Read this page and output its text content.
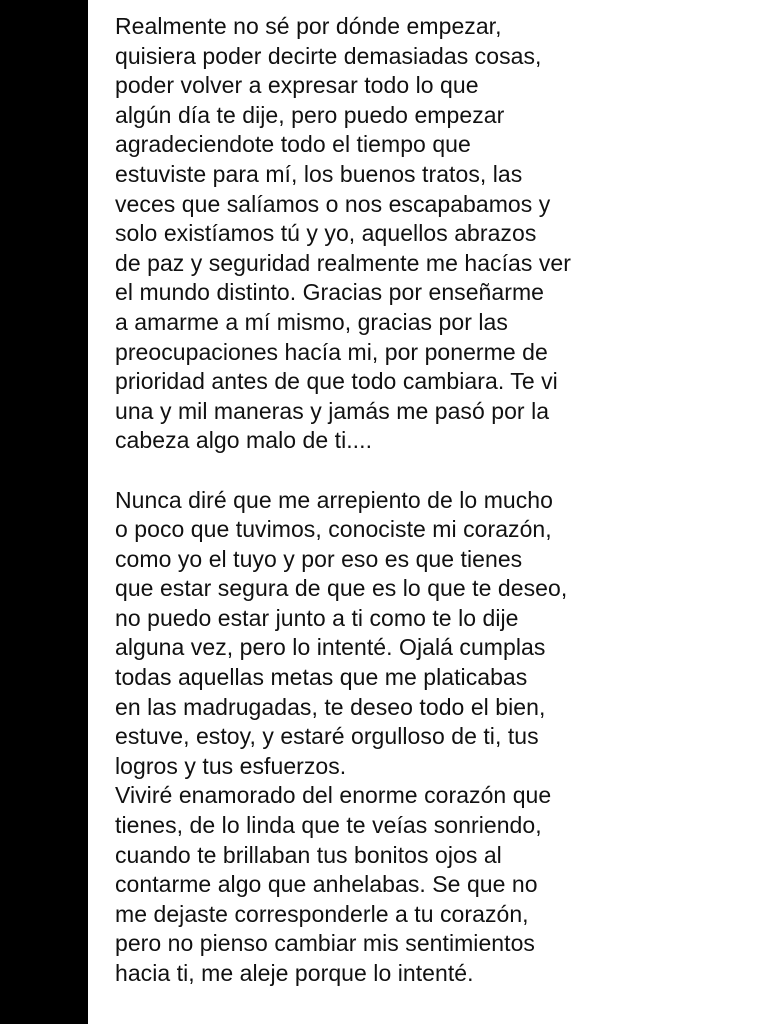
Realmente no sé por dónde empezar,
quisiera poder decirte demasiadas cosas,
poder volver a expresar todo lo que
algún día te dije, pero puedo empezar
agradeciendote todo el tiempo que
estuviste para mí, los buenos tratos, las
veces que salíamos o nos escapabamos y
solo existíamos tú y yo, aquellos abrazos
de paz y seguridad realmente me hacías ver
el mundo distinto. Gracias por enseñarme
a amarme a mí mismo, gracias por las
preocupaciones hacía mi, por ponerme de
prioridad antes de que todo cambiara. Te vi
una y mil maneras y jamás me pasó por la
cabeza algo malo de ti....
Nunca diré que me arrepiento de lo mucho
o poco que tuvimos, conociste mi corazón,
como yo el tuyo y por eso es que tienes
que estar segura de que es lo que te deseo,
no puedo estar junto a ti como te lo dije
alguna vez, pero lo intenté. Ojalá cumplas
todas aquellas metas que me platicabas
en las madrugadas, te deseo todo el bien,
estuve, estoy, y estaré orgulloso de ti, tus
logros y tus esfuerzos.
Viviré enamorado del enorme corazón que
tienes, de lo linda que te veías sonriendo,
cuando te brillaban tus bonitos ojos al
contarme algo que anhelabas. Se que no
me dejaste corresponderle a tu corazón,
pero no pienso cambiar mis sentimientos
hacia ti, me aleje porque lo intenté.
